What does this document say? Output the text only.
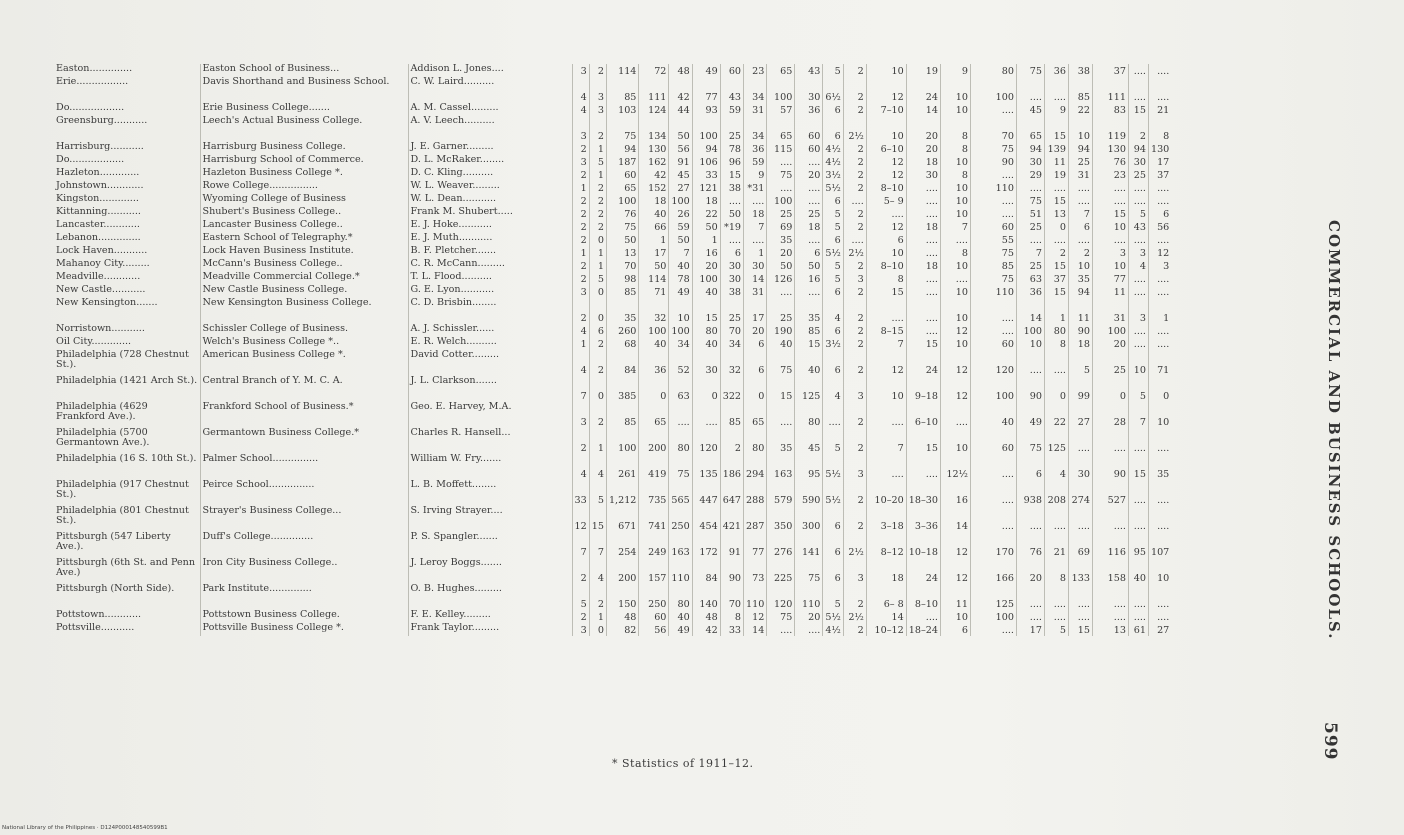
Easton..............	Easton School of Business...	Addison L. Jones....	3	2	114	72	48	49	60	23	65	43	5	2	10	19	9	80	75	36	38	37	....	....
Erie.................	Davis Shorthand and Business School.	C. W. Laird..........	4	3	85	111	42	77	43	34	100	30	6½	2	12	24	10	100	....	....	85	111	....	....
Do..................	Erie Business College.......	A. M. Cassel.........	4	3	103	124	44	93	59	31	57	36	6	2	7–10	14	10	....	45	9	22	83	15	21
Greensburg...........	Leech's Actual Business College.	A. V. Leech..........	3	2	75	134	50	100	25	34	65	60	6	2½	10	20	8	70	65	15	10	119	2	8
Harrisburg...........	Harrisburg Business College.	J. E. Garner.........	2	1	94	130	56	94	78	36	115	60	4½	2	6–10	20	8	75	94	139	94	130	94	130
Do..................	Harrisburg School of Commerce.	D. L. McRaker........	3	5	187	162	91	106	96	59	....	....	4½	2	12	18	10	90	30	11	25	76	30	17
Hazleton.............	Hazleton Business College *.	D. C. Kling..........	2	1	60	42	45	33	15	9	75	20	3½	2	12	30	8	....	29	19	31	23	25	37
Johnstown............	Rowe College................	W. L. Weaver.........	1	2	65	152	27	121	38	*31	....	....	5½	2	8–10	....	10	110	....	....	....	....	....	....
Kingston.............	Wyoming College of Business	W. L. Dean...........	2	2	100	18	100	18	....	....	100	....	6	....	5– 9	....	10	....	75	15	....	....	....	....
Kittanning...........	Shubert's Business College..	Frank M. Shubert.....	2	2	76	40	26	22	50	18	25	25	5	2	....	....	10	....	51	13	7	15	5	6
Lancaster............	Lancaster Business College..	E. J. Hoke...........	2	2	75	66	59	50	*19	7	69	18	5	2	12	18	7	60	25	0	6	10	43	56
Lebanon..............	Eastern School of Telegraphy.*	E. J. Muth...........	2	0	50	1	50	1	....	....	35	....	6	....	6	....	....	55	....	....	....	....	....	....
Lock Haven...........	Lock Haven Business Institute.	B. F. Pletcher.......	1	1	13	17	7	16	6	1	20	6	5½	2½	10	....	8	75	7	2	2	3	3	12
Mahanoy City.........	McCann's Business College..	C. R. McCann.........	2	1	70	50	40	20	30	30	50	50	5	2	8–10	18	10	85	25	15	10	10	4	3
Meadville............	Meadville Commercial College.*	T. L. Flood..........	2	5	98	114	78	100	30	14	126	16	5	3	8	....	....	75	63	37	35	77	....	....
New Castle...........	New Castle Business College.	G. E. Lyon...........	3	0	85	71	49	40	38	31	....	....	6	2	15	....	10	110	36	15	94	11	....	....
New Kensington.......	New Kensington Business College.	C. D. Brisbin........	2	0	35	32	10	15	25	17	25	35	4	2	....	....	10	....	14	1	11	31	3	1
Norristown...........	Schissler College of Business.	A. J. Schissler......	4	6	260	100	100	80	70	20	190	85	6	2	8–15	....	12	....	100	80	90	100	....	....
Oil City.............	Welch's Business College *..	E. R. Welch..........	1	2	68	40	34	40	34	6	40	15	3½	2	7	15	10	60	10	8	18	20	....	....
Philadelphia (728 Chestnut St.).	American Business College *.	David Cotter.........	4	2	84	36	52	30	32	6	75	40	6	2	12	24	12	120	....	....	5	25	10	71
Philadelphia (1421 Arch St.).	Central Branch of Y. M. C. A.	J. L. Clarkson.......	7	0	385	0	63	0	322	0	15	125	4	3	10	9–18	12	100	90	0	99	0	5	0
Philadelphia (4629 Frankford Ave.).	Frankford School of Business.*	Geo. E. Harvey, M.A.	3	2	85	65	....	....	85	65	....	80	....	2	....	6–10	....	40	49	22	27	28	7	10
Philadelphia (5700 Germantown Ave.).	Germantown Business College.*	Charles R. Hansell...	2	1	100	200	80	120	2	80	35	45	5	2	7	15	10	60	75	125	....	....	....	....
Philadelphia (16 S. 10th St.).	Palmer School...............	William W. Fry.......	4	4	261	419	75	135	186	294	163	95	5½	3	....	....	12½	....	6	4	30	90	15	35
Philadelphia (917 Chestnut St.).	Peirce School...............	L. B. Moffett........	33	5	1,212	735	565	447	647	288	579	590	5½	2	10–20	18–30	16	....	938	208	274	527	....	....
Philadelphia (801 Chestnut St.).	Strayer's Business College...	S. Irving Strayer....	12	15	671	741	250	454	421	287	350	300	6	2	3–18	3–36	14	....	....	....	....	....	....	....
Pittsburgh (547 Liberty Ave.).	Duff's College..............	P. S. Spangler.......	7	7	254	249	163	172	91	77	276	141	6	2½	8–12	10–18	12	170	76	21	69	116	95	107
Pittsburgh (6th St. and Penn Ave.)	Iron City Business College..	J. Leroy Boggs.......	2	4	200	157	110	84	90	73	225	75	6	3	18	24	12	166	20	8	133	158	40	10
Pittsburgh (North Side).	Park Institute..............	O. B. Hughes.........	5	2	150	250	80	140	70	110	120	110	5	2	6– 8	8–10	11	125	....	....	....	....	....	....
Pottstown............	Pottstown Business College.	F. E. Kelley.........	2	1	48	60	40	48	8	12	75	20	5½	2½	14	....	10	100	....	....	....	....	....	....
Pottsville...........	Pottsville Business College *.	Frank Taylor.........	3	0	82	56	49	42	33	14	....	....	4½	2	10–12	18–24	6	....	17	5	15	13	61	27
* Statistics of 1911–12.
COMMERCIAL AND BUSINESS SCHOOLS.
599
National Library of the Philippines · D124P000148540599B1
